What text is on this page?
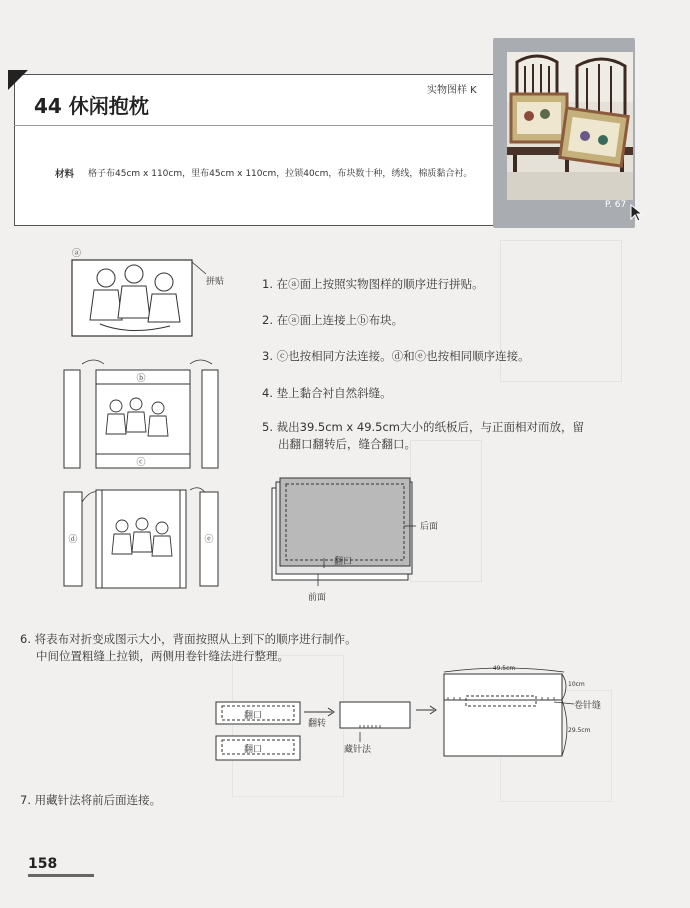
44 休闲抱枕
实物图样 K
材料 格子布45cm x 110cm，里布45cm x 110cm，拉锁40cm，布块数十种，绣线，棉质黏合衬。
P. 67
ⓐ
拼贴
ⓑ
ⓒ
ⓓ	ⓔ
1. 在ⓐ面上按照实物图样的顺序进行拼贴。
2. 在ⓐ面上连接上ⓑ布块。
3. ⓒ也按相同方法连接。ⓓ和ⓔ也按相同顺序连接。
4. 垫上黏合衬自然斜缝。
5. 裁出39.5cm x 49.5cm大小的纸板后，与正面相对而放，留
出翻口翻转后，缝合翻口。
后面
翻口
前面
6. 将表布对折变成图示大小，背面按照从上到下的顺序进行制作。
中间位置粗缝上拉锁，两侧用卷针缝法进行整理。
翻口
翻口
翻转
藏针法
49.5cm
10cm
29.5cm
卷针缝
7. 用藏针法将前后面连接。
158
